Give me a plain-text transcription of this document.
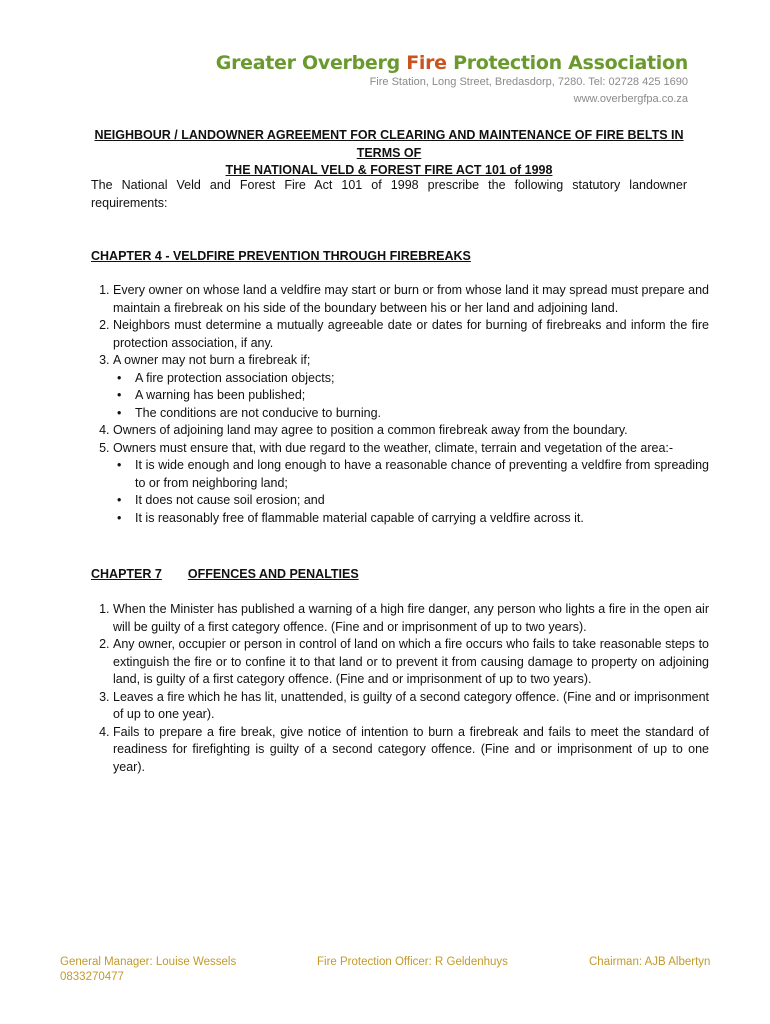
Greater Overberg Fire Protection Association
Fire Station, Long Street, Bredasdorp, 7280. Tel: 02728 425 1690
www.overbergfpa.co.za
NEIGHBOUR / LANDOWNER AGREEMENT FOR CLEARING AND MAINTENANCE OF FIRE BELTS IN TERMS OF
THE NATIONAL VELD & FOREST FIRE ACT 101 of 1998
The National Veld and Forest Fire Act 101 of 1998 prescribe the following statutory landowner requirements:
CHAPTER 4 - VELDFIRE PREVENTION THROUGH FIREBREAKS
1. Every owner on whose land a veldfire may start or burn or from whose land it may spread must prepare and maintain a firebreak on his side of the boundary between his or her land and adjoining land.
2. Neighbors must determine a mutually agreeable date or dates for burning of firebreaks and inform the fire protection association, if any.
3. A owner may not burn a firebreak if;
• A fire protection association objects;
• A warning has been published;
• The conditions are not conducive to burning.
4. Owners of adjoining land may agree to position a common firebreak away from the boundary.
5. Owners must ensure that, with due regard to the weather, climate, terrain and vegetation of the area:-
• It is wide enough and long enough to have a reasonable chance of preventing a veldfire from spreading to or from neighboring land;
• It does not cause soil erosion; and
• It is reasonably free of flammable material capable of carrying a veldfire across it.
CHAPTER 7 OFFENCES AND PENALTIES
1. When the Minister has published a warning of a high fire danger, any person who lights a fire in the open air will be guilty of a first category offence. (Fine and or imprisonment of up to two years).
2. Any owner, occupier or person in control of land on which a fire occurs who fails to take reasonable steps to extinguish the fire or to confine it to that land or to prevent it from causing damage to property on adjoining land, is guilty of a first category offence. (Fine and or imprisonment of up to two years).
3. Leaves a fire which he has lit, unattended, is guilty of a second category offence. (Fine and or imprisonment of up to one year).
4. Fails to prepare a fire break, give notice of intention to burn a firebreak and fails to meet the standard of readiness for firefighting is guilty of a second category offence. (Fine and or imprisonment of up to one year).
General Manager: Louise Wessels
0833270477
Fire Protection Officer: R Geldenhuys	Chairman: AJB Albertyn
